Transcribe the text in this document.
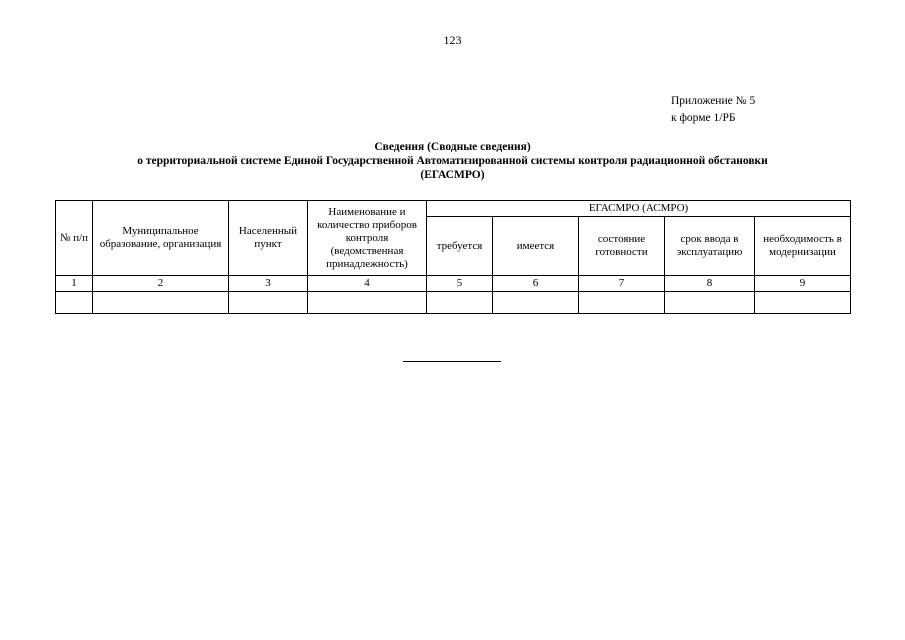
123
Приложение № 5
к форме 1/РБ
Сведения (Сводные сведения)
о территориальной системе Единой Государственной Автоматизированной системы контроля радиационной обстановки
(ЕГАСМРО)
№ п/п	Муниципальное образование, организация	Населенный пункт	Наименование и количество приборов контроля (ведомственная принадлежность)	ЕГАСМРО (АСМРО)				
				требуется	имеется	состояние готовности	срок ввода в эксплуатацию	необходимость в модернизации
1	2	3	4	5	6	7	8	9
